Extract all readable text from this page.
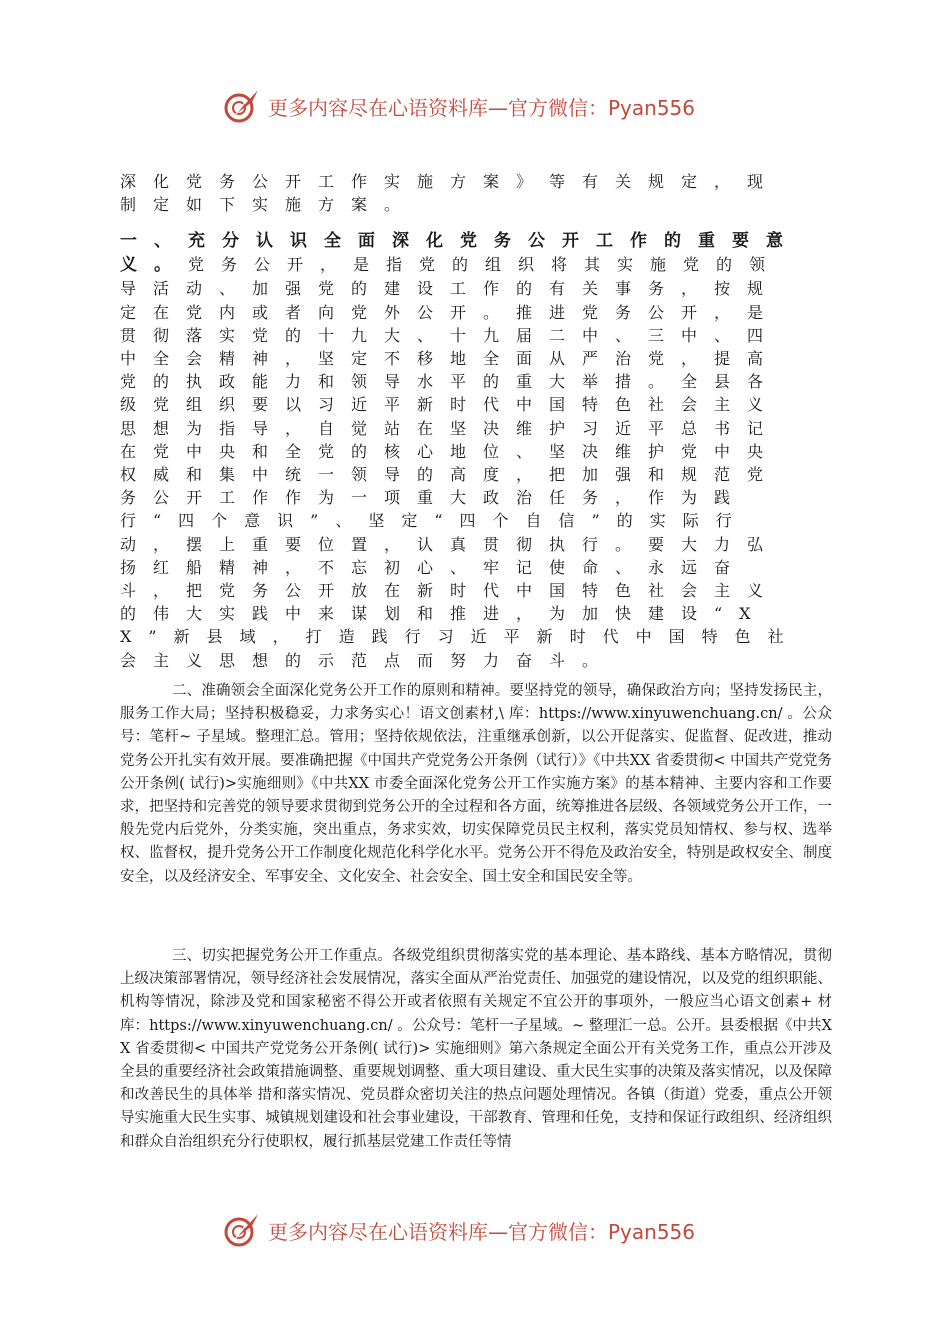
更多内容尽在心语资料库—官方微信：Pyan556

深化党务公开工作实施方案》等有关规定，现制定如下实施方案。

一、充分认识全面深化党务公开工作的重要意义。党务公开，是指党的组织将其实施党的领导活动、加强党的建设工作的有关事务，按规定在党内或者向党外公开。推进党务公开，是贯彻落实党的十九大、十九届二中、三中、四中全会精神，坚定不移地全面从严治党，提高党的执政能力和领导水平的重大举措。全县各级党组织要以习近平新时代中国特色社会主义思想为指导，自觉站在坚决维护习近平总书记在党中央和全党的核心地位、坚决维护党中央权威和集中统一领导的高度，把加强和规范党务公开工作作为一项重大政治任务，作为践行“四个意识”、坚定“四个自信”的实际行动，摆上重要位置，认真贯彻执行。要大力弘扬红船精神，不忘初心、牢记使命、永远奋斗，把党务公开放在新时代中国特色社会主义的伟大实践中来谋划和推进，为加快建设“XX”新县域，打造践行习近平新时代中国特色社会主义思想的示范点而努力奋斗。

二、准确领会全面深化党务公开工作的原则和精神。要坚持党的领导，确保政治方向；坚持发扬民主，服务工作大局；坚持积极稳妥，力求务实心！语文创素材,\ 库：https://www.xinyuwenchuang.cn/ 。公众号：笔杆~ 子星域。整理汇总。管用；坚持依规依法，注重继承创新，以公开促落实、促监督、促改进，推动党务公开扎实有效开展。要准确把握《中国共产党党务公开条例（试行）》《中共XX 省委贯彻< 中国共产党党务公开条例( 试行)>实施细则》《中共XX 市委全面深化党务公开工作实施方案》的基本精神、主要内容和工作要求，把坚持和完善党的领导要求贯彻到党务公开的全过程和各方面，统筹推进各层级、各领域党务公开工作，一般先党内后党外，分类实施，突出重点，务求实效，切实保障党员民主权利，落实党员知情权、参与权、选举权、监督权，提升党务公开工作制度化规范化科学化水平。党务公开不得危及政治安全，特别是政权安全、制度安全，以及经济安全、军事安全、文化安全、社会安全、国土安全和国民安全等。

三、切实把握党务公开工作重点。各级党组织贯彻落实党的基本理论、基本路线、基本方略情况，贯彻上级决策部署情况，领导经济社会发展情况，落实全面从严治党责任、加强党的建设情况，以及党的组织职能、机构等情况，除涉及党和国家秘密不得公开或者依照有关规定不宜公开的事项外，一般应当心语文创素+ 材库：https://www.xinyuwenchuang.cn/ 。公众号：笔杆一子星域。~ 整理汇一总。公开。县委根据《中共XX 省委贯彻< 中国共产党党务公开条例( 试行)> 实施细则》第六条规定全面公开有关党务工作，重点公开涉及全县的重要经济社会政策措施调整、重要规划调整、重大项目建设、重大民生实事的决策及落实情况，以及保障和改善民生的具体举 措和落实情况、党员群众密切关注的热点问题处理情况。各镇（街道）党委，重点公开领导实施重大民生实事、城镇规划建设和社会事业建设，干部教育、管理和任免，支持和保证行政组织、经济组织和群众自治组织充分行使职权，履行抓基层党建工作责任等情

更多内容尽在心语资料库—官方微信：Pyan556
